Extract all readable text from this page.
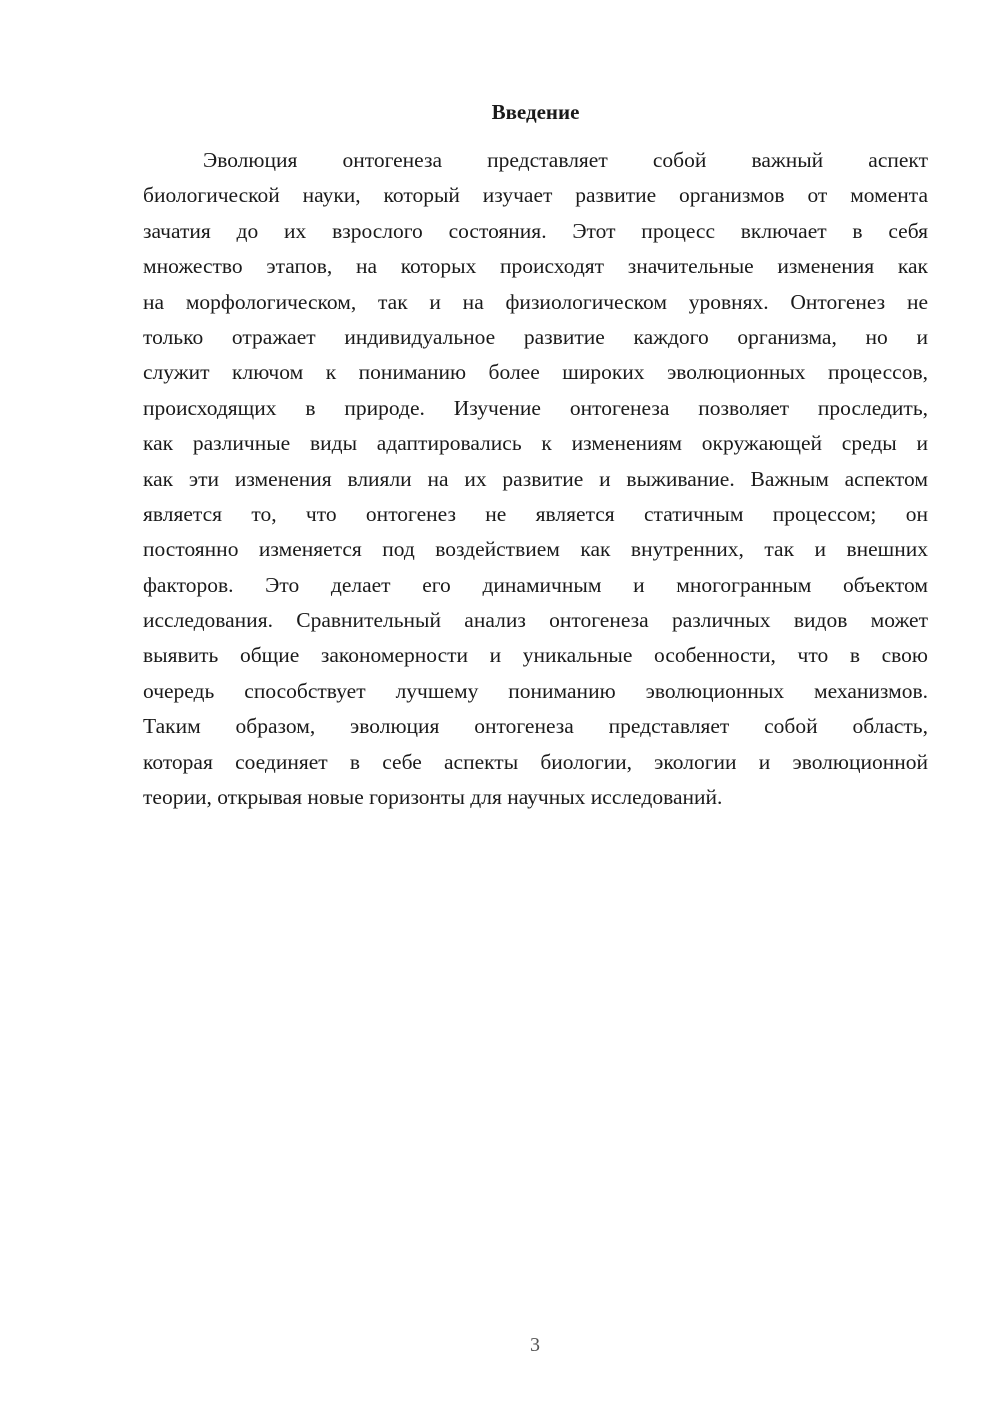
Введение
Эволюция онтогенеза представляет собой важный аспект
биологической науки, который изучает развитие организмов от момента
зачатия до их взрослого состояния. Этот процесс включает в себя
множество этапов, на которых происходят значительные изменения как
на морфологическом, так и на физиологическом уровнях. Онтогенез не
только отражает индивидуальное развитие каждого организма, но и
служит ключом к пониманию более широких эволюционных процессов,
происходящих в природе. Изучение онтогенеза позволяет проследить,
как различные виды адаптировались к изменениям окружающей среды и
как эти изменения влияли на их развитие и выживание. Важным аспектом
является то, что онтогенез не является статичным процессом; он
постоянно изменяется под воздействием как внутренних, так и внешних
факторов. Это делает его динамичным и многогранным объектом
исследования. Сравнительный анализ онтогенеза различных видов может
выявить общие закономерности и уникальные особенности, что в свою
очередь способствует лучшему пониманию эволюционных механизмов.
Таким образом, эволюция онтогенеза представляет собой область,
которая соединяет в себе аспекты биологии, экологии и эволюционной
теории, открывая новые горизонты для научных исследований.

3
